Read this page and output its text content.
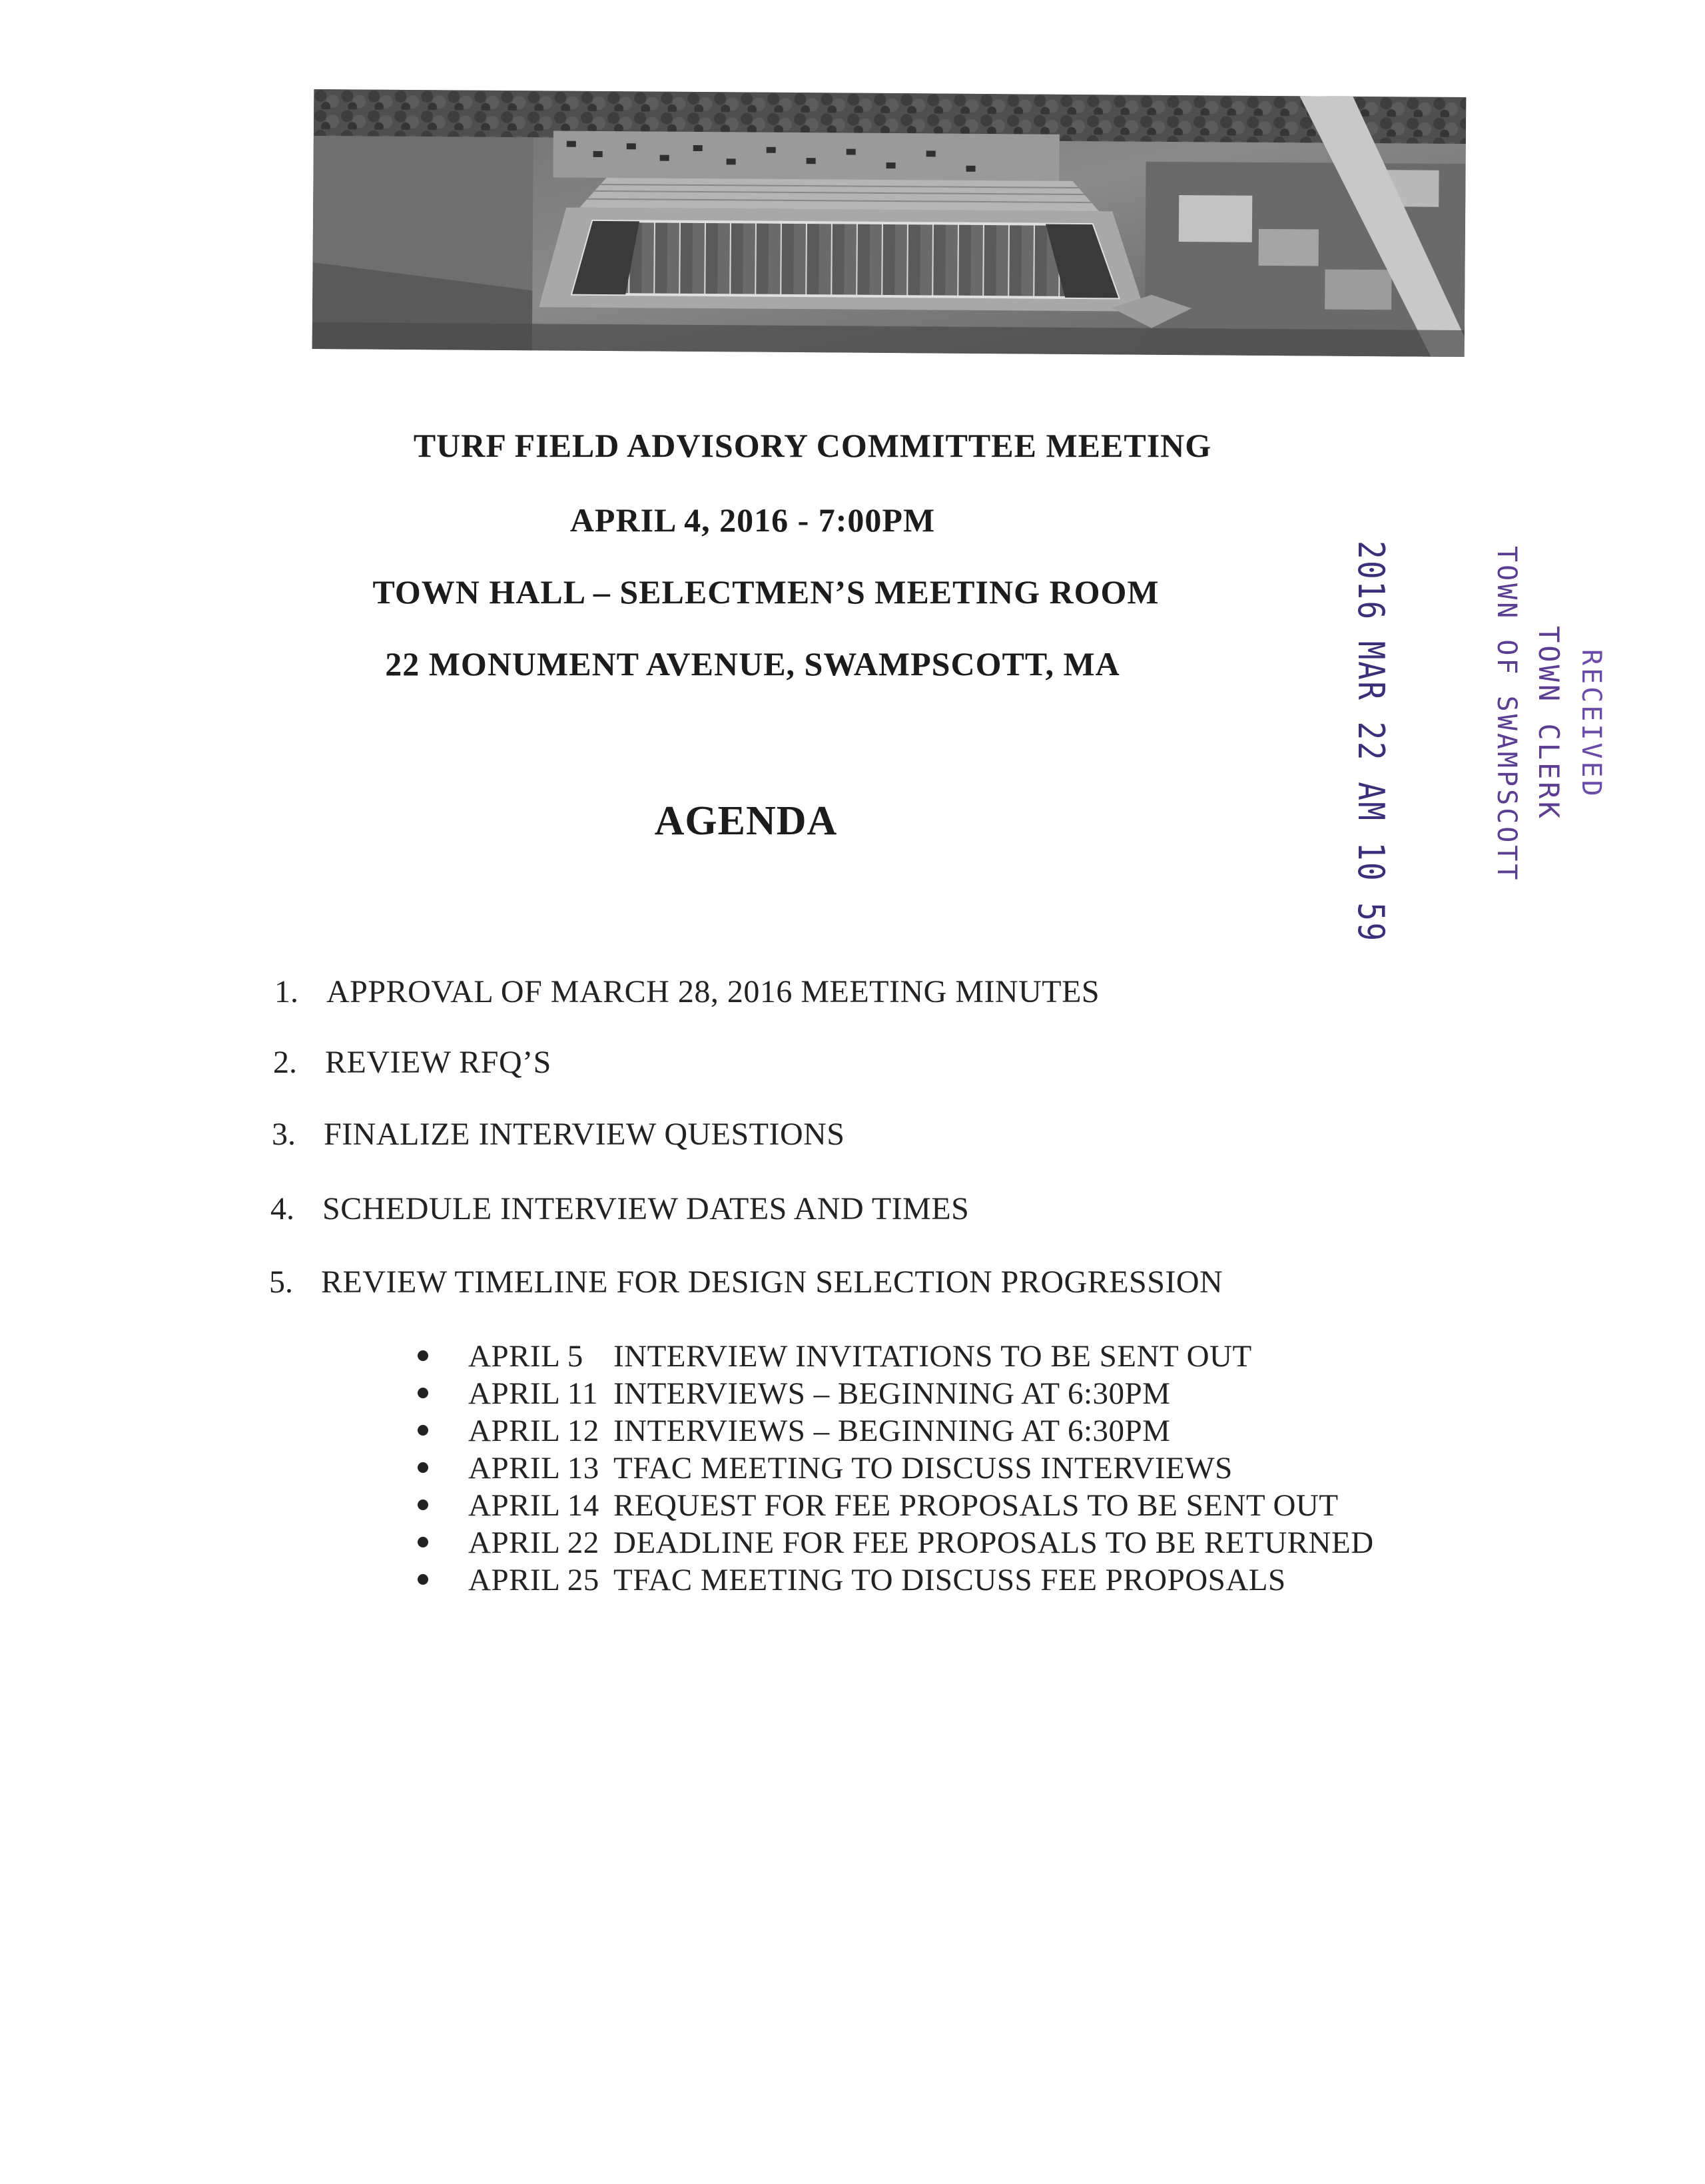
TURF FIELD ADVISORY COMMITTEE MEETING
APRIL 4, 2016 - 7:00PM
TOWN HALL – SELECTMEN’S MEETING ROOM
22 MONUMENT AVENUE, SWAMPSCOTT, MA
AGENDA
RECEIVED
TOWN CLERK
TOWN OF SWAMPSCOTT
2016 MAR 22 AM 10 59
1. APPROVAL OF MARCH 28, 2016 MEETING MINUTES
2. REVIEW RFQ’S
3. FINALIZE INTERVIEW QUESTIONS
4. SCHEDULE INTERVIEW DATES AND TIMES
5. REVIEW TIMELINE FOR DESIGN SELECTION PROGRESSION
APRIL 5 INTERVIEW INVITATIONS TO BE SENT OUT
APRIL 11 INTERVIEWS – BEGINNING AT 6:30PM
APRIL 12 INTERVIEWS – BEGINNING AT 6:30PM
APRIL 13 TFAC MEETING TO DISCUSS INTERVIEWS
APRIL 14 REQUEST FOR FEE PROPOSALS TO BE SENT OUT
APRIL 22 DEADLINE FOR FEE PROPOSALS TO BE RETURNED
APRIL 25 TFAC MEETING TO DISCUSS FEE PROPOSALS
